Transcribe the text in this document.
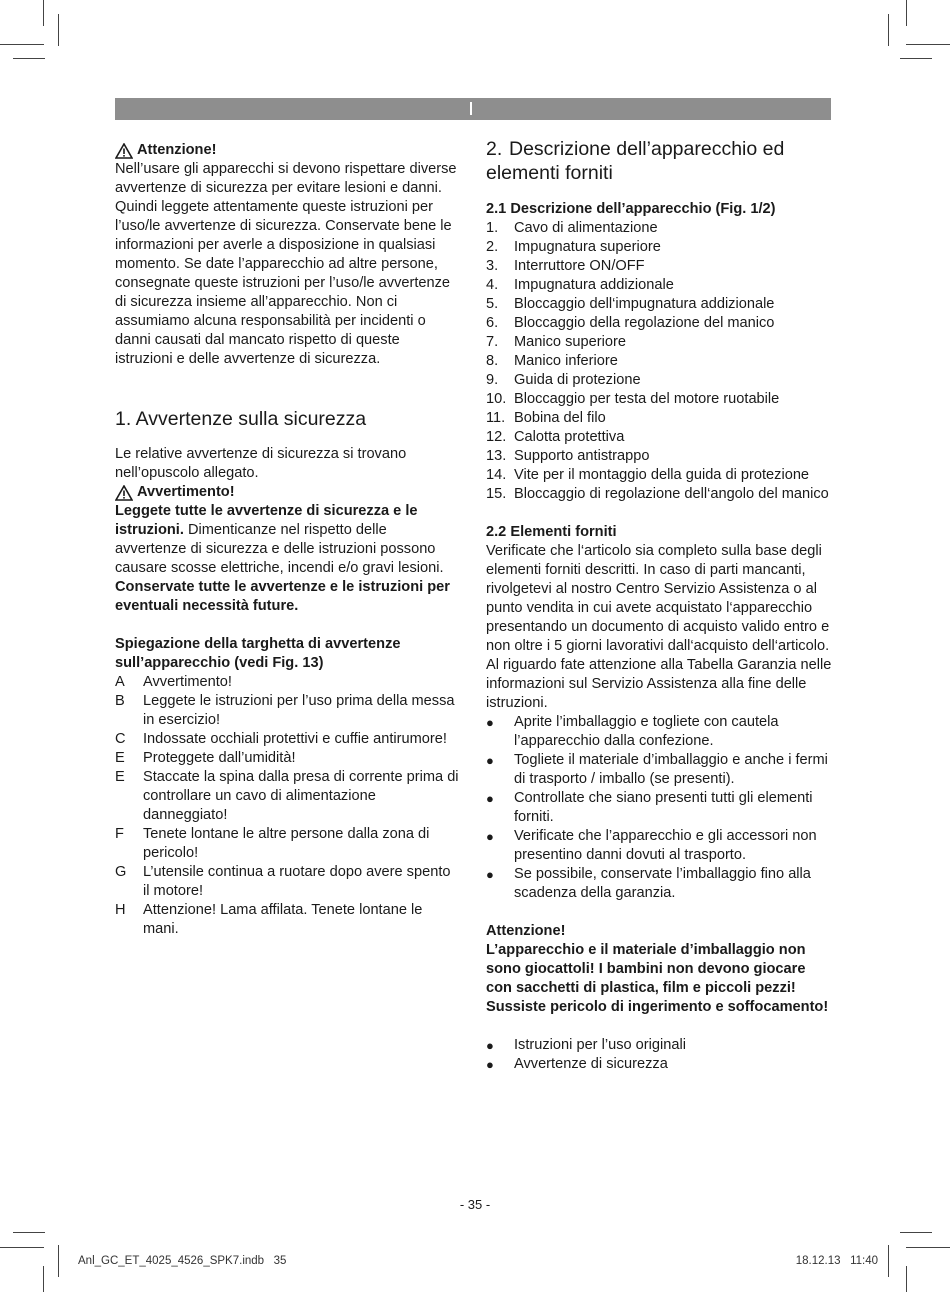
Attenzione!

Nell’usare gli apparecchi si devono rispettare diverse avvertenze di sicurezza per evitare lesioni e danni. Quindi leggete attentamente queste istruzioni per l’uso/le avvertenze di sicurezza. Conservate bene le informazioni per averle a disposizione in qualsiasi momento. Se date l’apparecchio ad altre persone, consegnate queste istruzioni per l’uso/le avvertenze di sicurezza insieme all’apparecchio. Non ci assumiamo alcuna responsabilità per incidenti o danni causati dal mancato rispetto di queste istruzioni e delle avvertenze di sicurezza.

1. Avvertenze sulla sicurezza

Le relative avvertenze di sicurezza si trovano nell’opuscolo allegato.

Avvertimento!

Leggete tutte le avvertenze di sicurezza e le istruzioni. Dimenticanze nel rispetto delle avvertenze di sicurezza e delle istruzioni possono causare scosse elettriche, incendi e/o gravi lesioni.

Conservate tutte le avvertenze e le istruzioni per eventuali necessità future.

Spiegazione della targhetta di avvertenze sull’apparecchio (vedi Fig. 13)
A	Avvertimento!
B	Leggete le istruzioni per l’uso prima della messa in esercizio!
C	Indossate occhiali protettivi e cuffie antirumore!
E	Proteggete dall’umidità!
E	Staccate la spina dalla presa di corrente prima di controllare un cavo di alimentazione danneggiato!
F	Tenete lontane le altre persone dalla zona di pericolo!
G	L’utensile continua a ruotare dopo avere spento il motore!
H	Attenzione! Lama affilata. Tenete lontane le mani.
2. Descrizione dell’apparecchio ed elementi forniti
2.1 Descrizione dell’apparecchio (Fig. 1/2)
1.	Cavo di alimentazione
2.	Impugnatura superiore
3.	Interruttore ON/OFF
4.	Impugnatura addizionale
5.	Bloccaggio dell‘impugnatura addizionale
6.	Bloccaggio della regolazione del manico
7.	Manico superiore
8.	Manico inferiore
9.	Guida di protezione
10. Bloccaggio per testa del motore ruotabile
11. Bobina del filo
12. Calotta protettiva
13. Supporto antistrappo
14. Vite per il montaggio della guida di protezione
15. Bloccaggio di regolazione dell‘angolo del manico
2.2 Elementi forniti

Verificate che l‘articolo sia completo sulla base degli elementi forniti descritti. In caso di parti mancanti, rivolgetevi al nostro Centro Servizio Assistenza o al punto vendita in cui avete acquistato l‘apparecchio presentando un documento di acquisto valido entro e non oltre i 5 giorni lavorativi dall‘acquisto dell‘articolo. Al riguardo fate attenzione alla Tabella Garanzia nelle informazioni sul Servizio Assistenza alla fine delle istruzioni.

●	Aprite l’imballaggio e togliete con cautela l’apparecchio dalla confezione.
●	Togliete il materiale d’imballaggio e anche i fermi di trasporto / imballo (se presenti).
●	Controllate che siano presenti tutti gli elementi forniti.
●	Verificate che l’apparecchio e gli accessori non presentino danni dovuti al trasporto.
●	Se possibile, conservate l’imballaggio fino alla scadenza della garanzia.

Attenzione!

L’apparecchio e il materiale d’imballaggio non sono giocattoli! I bambini non devono giocare con sacchetti di plastica, film e piccoli pezzi! Sussiste pericolo di ingerimento e soffocamento!

●	Istruzioni per l’uso originali
●	Avvertenze di sicurezza
- 35 -
Anl_GC_ET_4025_4526_SPK7.indb   35	18.12.13   11:40
